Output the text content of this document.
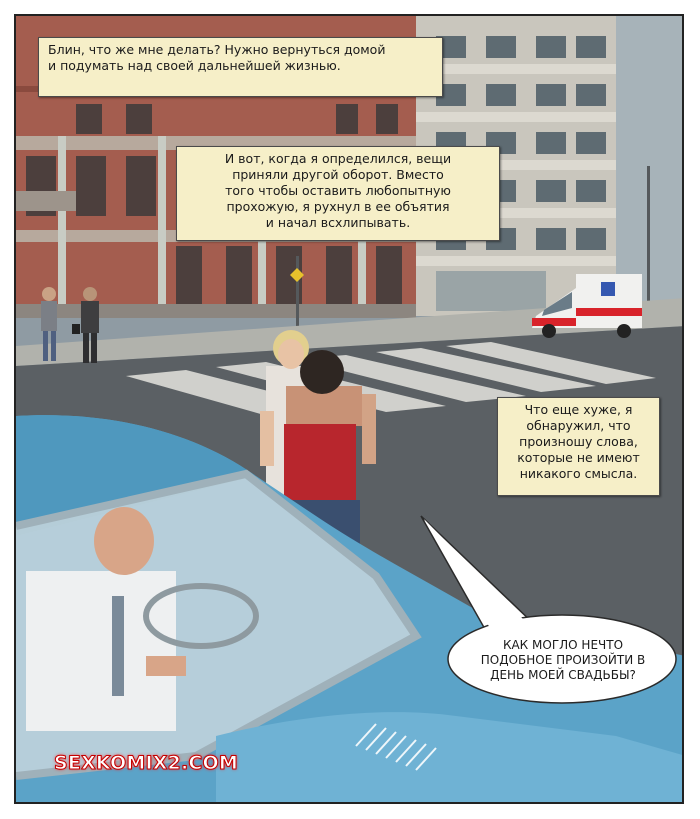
Блин, что же мне делать? Нужно вернуться домой
и подумать над своей дальнейшей жизнью.
И вот, когда я определился, вещи
приняли другой оборот. Вместо
того чтобы оставить любопытную
прохожую, я рухнул в ее объятия
и начал всхлипывать.
Что еще хуже, я
обнаружил, что
произношу слова,
которые не имеют
никакого смысла.
КАК МОГЛО НЕЧТО
ПОДОБНОЕ ПРОИЗОЙТИ В
ДЕНЬ МОЕЙ СВАДЬБЫ?
SEXKOMIX2.COM
